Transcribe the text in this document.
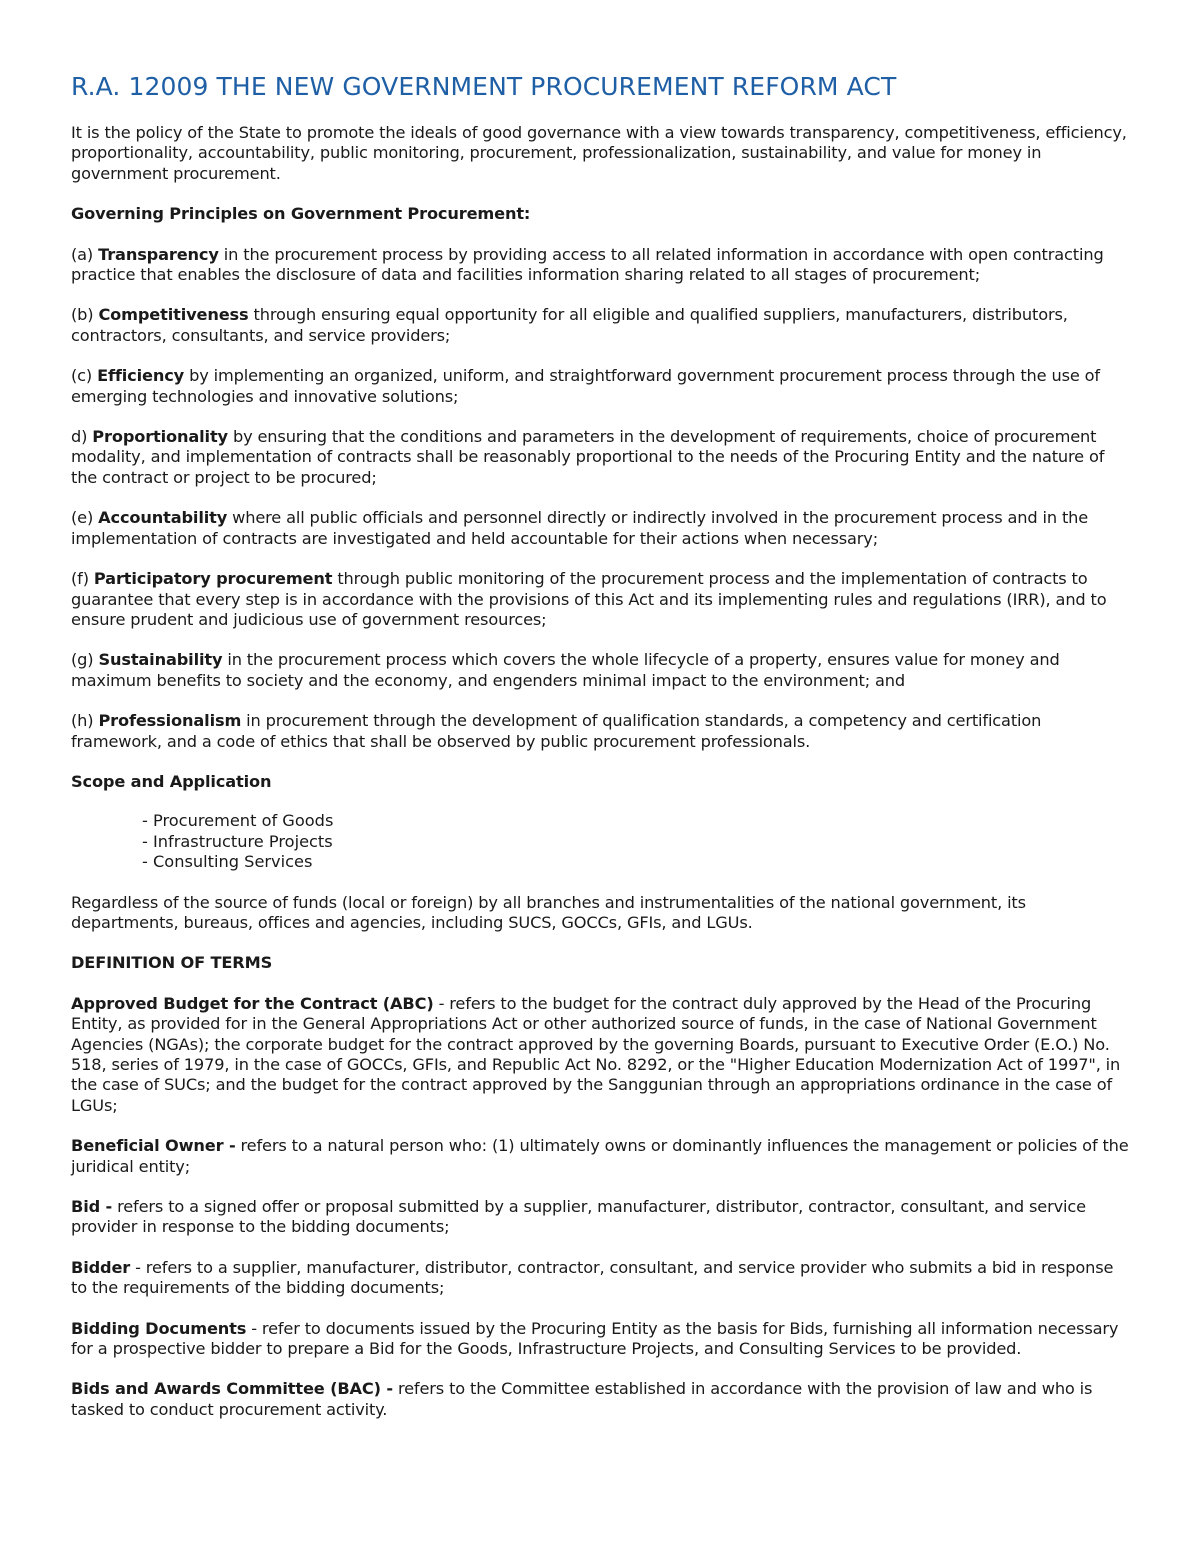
R.A. 12009 THE NEW GOVERNMENT PROCUREMENT REFORM ACT

It is the policy of the State to promote the ideals of good governance with a view towards transparency, competitiveness, efficiency, proportionality, accountability, public monitoring, procurement, professionalization, sustainability, and value for money in government procurement.

Governing Principles on Government Procurement:

(a) Transparency in the procurement process by providing access to all related information in accordance with open contracting practice that enables the disclosure of data and facilities information sharing related to all stages of procurement;

(b) Competitiveness through ensuring equal opportunity for all eligible and qualified suppliers, manufacturers, distributors, contractors, consultants, and service providers;

(c) Efficiency by implementing an organized, uniform, and straightforward government procurement process through the use of emerging technologies and innovative solutions;

d) Proportionality by ensuring that the conditions and parameters in the development of requirements, choice of procurement modality, and implementation of contracts shall be reasonably proportional to the needs of the Procuring Entity and the nature of the contract or project to be procured;

(e) Accountability where all public officials and personnel directly or indirectly involved in the procurement process and in the implementation of contracts are investigated and held accountable for their actions when necessary;

(f) Participatory procurement through public monitoring of the procurement process and the implementation of contracts to guarantee that every step is in accordance with the provisions of this Act and its implementing rules and regulations (IRR), and to ensure prudent and judicious use of government resources;

(g) Sustainability in the procurement process which covers the whole lifecycle of a property, ensures value for money and maximum benefits to society and the economy, and engenders minimal impact to the environment; and

(h) Professionalism in procurement through the development of qualification standards, a competency and certification framework, and a code of ethics that shall be observed by public procurement professionals.

Scope and Application

- Procurement of Goods
- Infrastructure Projects
- Consulting Services

Regardless of the source of funds (local or foreign) by all branches and instrumentalities of the national government, its departments, bureaus, offices and agencies, including SUCS, GOCCs, GFIs, and LGUs.

DEFINITION OF TERMS

Approved Budget for the Contract (ABC) - refers to the budget for the contract duly approved by the Head of the Procuring Entity, as provided for in the General Appropriations Act or other authorized source of funds, in the case of National Government Agencies (NGAs); the corporate budget for the contract approved by the governing Boards, pursuant to Executive Order (E.O.) No. 518, series of 1979, in the case of GOCCs, GFIs, and Republic Act No. 8292, or the "Higher Education Modernization Act of 1997", in the case of SUCs; and the budget for the contract approved by the Sanggunian through an appropriations ordinance in the case of LGUs;

Beneficial Owner - refers to a natural person who: (1) ultimately owns or dominantly influences the management or policies of the juridical entity;

Bid - refers to a signed offer or proposal submitted by a supplier, manufacturer, distributor, contractor, consultant, and service provider in response to the bidding documents;

Bidder - refers to a supplier, manufacturer, distributor, contractor, consultant, and service provider who submits a bid in response to the requirements of the bidding documents;

Bidding Documents - refer to documents issued by the Procuring Entity as the basis for Bids, furnishing all information necessary for a prospective bidder to prepare a Bid for the Goods, Infrastructure Projects, and Consulting Services to be provided.

Bids and Awards Committee (BAC) - refers to the Committee established in accordance with the provision of law and who is tasked to conduct procurement activity.
